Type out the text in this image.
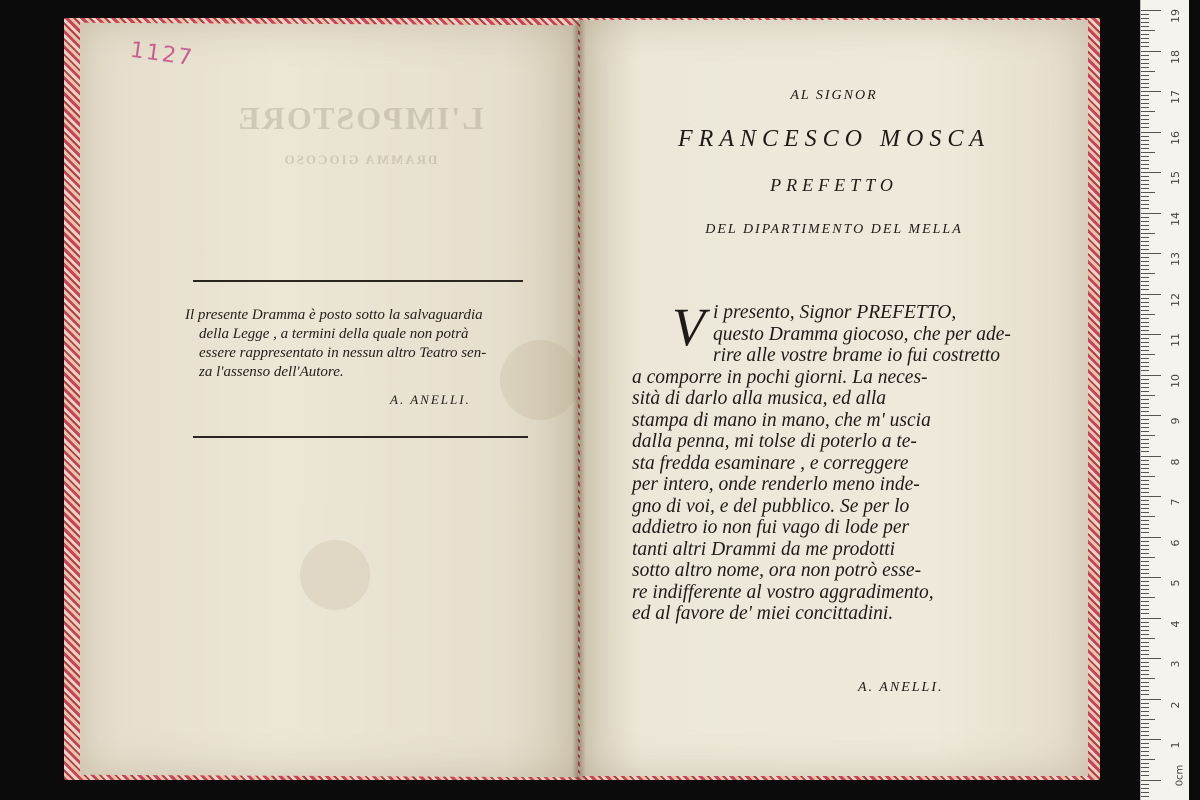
1127
L'IMPOSTORE
DRAMMA GIOCOSO
Il presente Dramma è posto sotto la salvaguardia
della Legge , a termini della quale non potrà
essere rappresentato in nessun altro Teatro sen-
za l'assenso dell'Autore.
A. ANELLI.
AL SIGNOR
FRANCESCO MOSCA
PREFETTO
DEL DIPARTIMENTO DEL MELLA
V i presento, Signor PREFETTO,
questo Dramma giocoso, che per ade-
rire alle vostre brame io fui costretto
a comporre in pochi giorni. La neces-
sità di darlo alla musica, ed alla
stampa di mano in mano, che m' uscia
dalla penna, mi tolse di poterlo a te-
sta fredda esaminare , e correggere
per intero, onde renderlo meno inde-
gno di voi, e del pubblico. Se per lo
addietro io non fui vago di lode per
tanti altri Drammi da me prodotti
sotto altro nome, ora non potrò esse-
re indifferente al vostro aggradimento,
ed al favore de' miei concittadini.
A. ANELLI.
0cm
19
18
17
16
15
14
13
12
11
10
9
8
7
6
5
4
3
2
1
